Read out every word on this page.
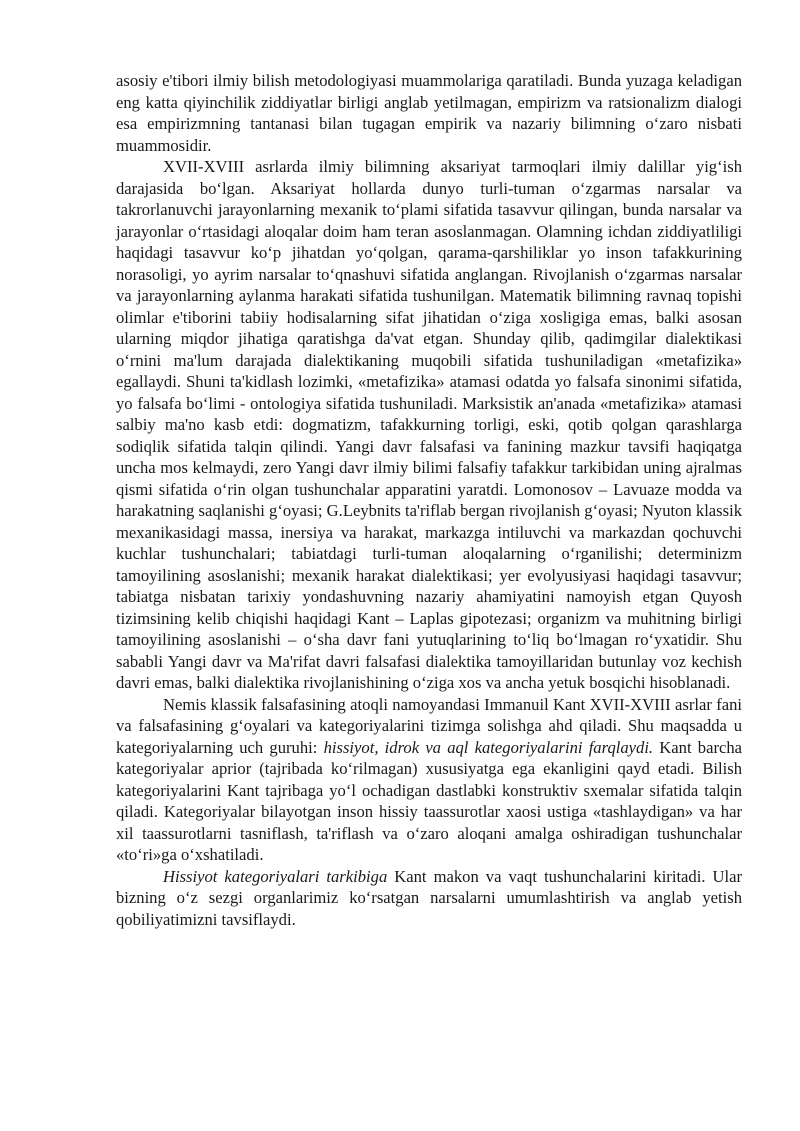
asosiy e'tibori ilmiy bilish metodologiyasi muammolariga qaratiladi. Bunda yuzaga keladigan eng katta qiyinchilik ziddiyatlar birligi anglab yetilmagan, empirizm va ratsionalizm dialogi esa empirizmning tantanasi bilan tugagan empirik va nazariy bilimning o‘zaro nisbati muammosidir.

XVII-XVIII asrlarda ilmiy bilimning aksariyat tarmoqlari ilmiy dalillar yig‘ish darajasida bo‘lgan. Aksariyat hollarda dunyo turli-tuman o‘zgarmas narsalar va takrorlanuvchi jarayonlarning mexanik to‘plami sifatida tasavvur qilingan, bunda narsalar va jarayonlar o‘rtasidagi aloqalar doim ham teran asoslanmagan. Olamning ichdan ziddiyatliligi haqidagi tasavvur ko‘p jihatdan yo‘qolgan, qarama-qarshiliklar yo inson tafakkurining norasoligi, yo ayrim narsalar to‘qnashuvi sifatida anglangan. Rivojlanish o‘zgarmas narsalar va jarayonlarning aylanma harakati sifatida tushunilgan. Matematik bilimning ravnaq topishi olimlar e'tiborini tabiiy hodisalarning sifat jihatidan o‘ziga xosligiga emas, balki asosan ularning miqdor jihatiga qaratishga da'vat etgan. Shunday qilib, qadimgilar dialektikasi o‘rnini ma'lum darajada dialektikaning muqobili sifatida tushuniladigan «metafizika» egallaydi. Shuni ta'kidlash lozimki, «metafizika» atamasi odatda yo falsafa sinonimi sifatida, yo falsafa bo‘limi - ontologiya sifatida tushuniladi. Marksistik an'anada «metafizika» atamasi salbiy ma'no kasb etdi: dogmatizm, tafakkurning torligi, eski, qotib qolgan qarashlarga sodiqlik sifatida talqin qilindi. Yangi davr falsafasi va fanining mazkur tavsifi haqiqatga uncha mos kelmaydi, zero Yangi davr ilmiy bilimi falsafiy tafakkur tarkibidan uning ajralmas qismi sifatida o‘rin olgan tushunchalar apparatini yaratdi. Lomonosov – Lavuaze modda va harakatning saqlanishi g‘oyasi; G.Leybnits ta'riflab bergan rivojlanish g‘oyasi; Nyuton klassik mexanikasidagi massa, inersiya va harakat, markazga intiluvchi va markazdan qochuvchi kuchlar tushunchalari; tabiatdagi turli-tuman aloqalarning o‘rganilishi; determinizm tamoyilining asoslanishi; mexanik harakat dialektikasi; yer evolyusiyasi haqidagi tasavvur; tabiatga nisbatan tarixiy yondashuvning nazariy ahamiyatini namoyish etgan Quyosh tizimsining kelib chiqishi haqidagi Kant – Laplas gipotezasi; organizm va muhitning birligi tamoyilining asoslanishi – o‘sha davr fani yutuqlarining to‘liq bo‘lmagan ro‘yxatidir. Shu sababli Yangi davr va Ma'rifat davri falsafasi dialektika tamoyillaridan butunlay voz kechish davri emas, balki dialektika rivojlanishining o‘ziga xos va ancha yetuk bosqichi hisoblanadi.

Nemis klassik falsafasining atoqli namoyandasi Immanuil Kant XVII-XVIII asrlar fani va falsafasining g‘oyalari va kategoriyalarini tizimga solishga ahd qiladi. Shu maqsadda u kategoriyalarning uch guruhi: hissiyot, idrok va aql kategoriyalarini farqlaydi. Kant barcha kategoriyalar aprior (tajribada ko‘rilmagan) xususiyatga ega ekanligini qayd etadi. Bilish kategoriyalarini Kant tajribaga yo‘l ochadigan dastlabki konstruktiv sxemalar sifatida talqin qiladi. Kategoriyalar bilayotgan inson hissiy taassurotlar xaosi ustiga «tashlaydigan» va har xil taassurotlarni tasniflash, ta'riflash va o‘zaro aloqani amalga oshiradigan tushunchalar «to‘ri»ga o‘xshatiladi.

Hissiyot kategoriyalari tarkibiga Kant makon va vaqt tushunchalarini kiritadi. Ular bizning o‘z sezgi organlarimiz ko‘rsatgan narsalarni umumlashtirish va anglab yetish qobiliyatimizni tavsiflaydi.
